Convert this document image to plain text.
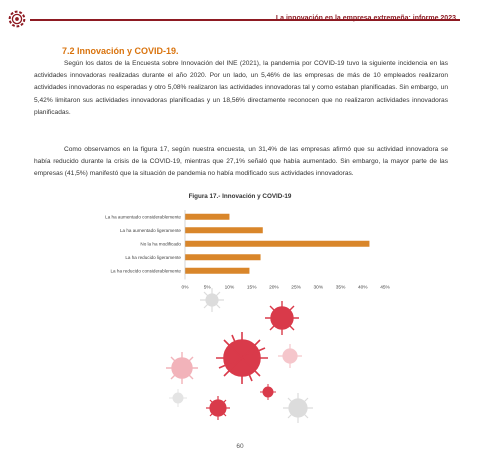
La innovación en la empresa extremeña: informe 2023
7.2 Innovación y COVID-19.
Según los datos de la Encuesta sobre Innovación del INE (2021), la pandemia por COVID-19 tuvo la siguiente incidencia en las actividades innovadoras realizadas durante el año 2020. Por un lado, un 5,46% de las empresas de más de 10 empleados realizaron actividades innovadoras no esperadas y otro 5,08% realizaron las actividades innovadoras tal y como estaban planificadas. Sin embargo, un 5,42% limitaron sus actividades innovadoras planificadas y un 18,56% directamente reconocen que no realizaron actividades innovadoras planificadas.
Como observamos en la figura 17, según nuestra encuesta, un 31,4% de las empresas afirmó que su actividad innovadora se había reducido durante la crisis de la COVID-19, mientras que 27,1% señaló que había aumentado. Sin embargo, la mayor parte de las empresas (41,5%) manifestó que la situación de pandemia no había modificado sus actividades innovadoras.
Figura 17.- Innovación y COVID-19
La ha aumentado considerablemente
La ha aumentado ligeramente
No la ha modificado
La ha reducido ligeramente
La ha reducido considerablemente
0%	5%	10%	15%	20%	25%	30%	35%	40%	45%
60
